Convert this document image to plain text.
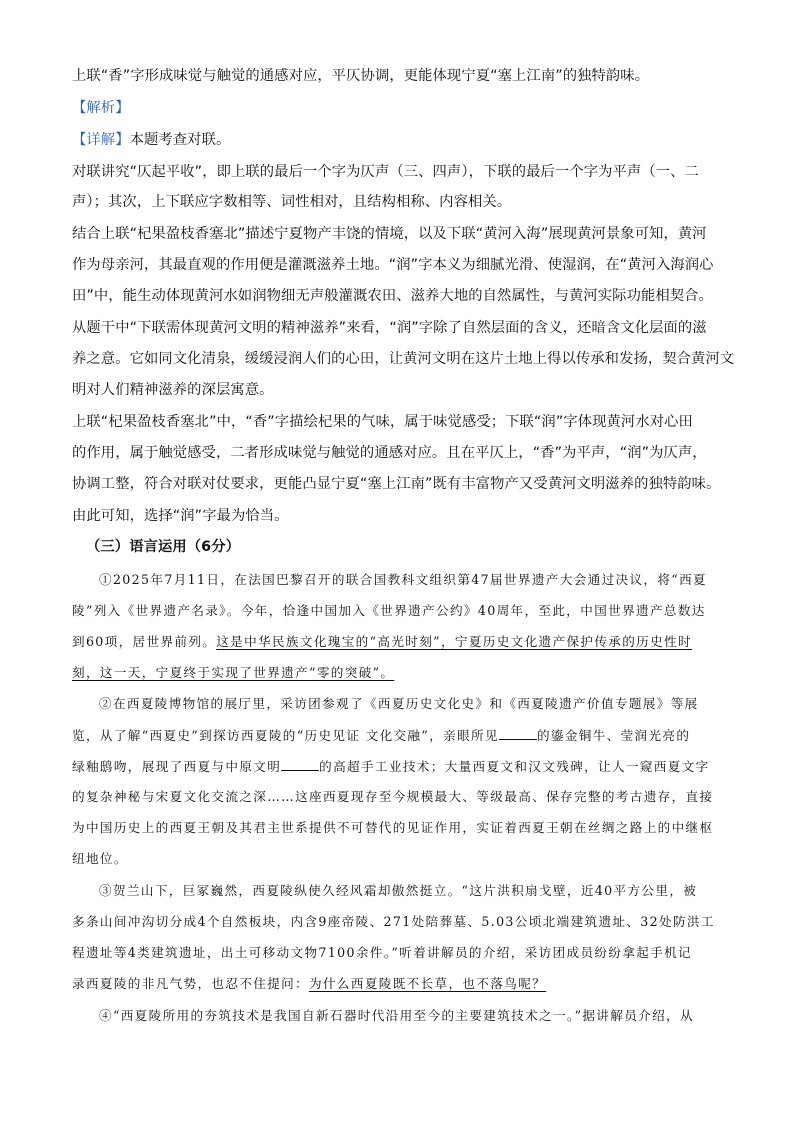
上联“香”字形成味觉与触觉的通感对应，平仄协调，更能体现宁夏“塞上江南”的独特韵味。
【解析】
【详解】本题考查对联。
对联讲究“仄起平收”，即上联的最后一个字为仄声（三、四声），下联的最后一个字为平声（一、二
声）；其次，上下联应字数相等、词性相对，且结构相称、内容相关。
结合上联“杞果盈枝香塞北”描述宁夏物产丰饶的情境，以及下联“黄河入海”展现黄河景象可知，黄河
作为母亲河，其最直观的作用便是灌溉滋养土地。“润”字本义为细腻光滑、使湿润，在“黄河入海润心
田”中，能生动体现黄河水如润物细无声般灌溉农田、滋养大地的自然属性，与黄河实际功能相契合。
从题干中“下联需体现黄河文明的精神滋养”来看，“润”字除了自然层面的含义，还暗含文化层面的滋
养之意。它如同文化清泉，缓缓浸润人们的心田，让黄河文明在这片土地上得以传承和发扬，契合黄河文
明对人们精神滋养的深层寓意。
上联“杞果盈枝香塞北”中，“香”字描绘杞果的气味，属于味觉感受；下联“润”字体现黄河水对心田
的作用，属于触觉感受，二者形成味觉与触觉的通感对应。且在平仄上，“香”为平声，“润”为仄声，
协调工整，符合对联对仗要求，更能凸显宁夏“塞上江南”既有丰富物产又受黄河文明滋养的独特韵味。
由此可知，选择“润”字最为恰当。
（三）语言运用（6分）
①2025年7月11日，在法国巴黎召开的联合国教科文组织第47届世界遗产大会通过决议，将“西夏
陵”列入《世界遗产名录》。今年，恰逢中国加入《世界遗产公约》40周年，至此，中国世界遗产总数达
到60项，居世界前列。这是中华民族文化瑰宝的“高光时刻”，宁夏历史文化遗产保护传承的历史性时
刻，这一天，宁夏终于实现了世界遗产“零的突破”。
②在西夏陵博物馆的展厅里，采访团参观了《西夏历史文化史》和《西夏陵遗产价值专题展》等展
览，从了解“西夏史”到探访西夏陵的“历史见证 文化交融”，亲眼所见	的鎏金铜牛、莹润光亮的
绿釉鸱吻，展现了西夏与中原文明	的高超手工业技术；大量西夏文和汉文残碑，让人一窥西夏文字
的复杂神秘与宋夏文化交流之深……这座西夏现存至今规模最大、等级最高、保存完整的考古遗存，直接
为中国历史上的西夏王朝及其君主世系提供不可替代的见证作用，实证着西夏王朝在丝绸之路上的中继枢
纽地位。
③贺兰山下，巨冢巍然，西夏陵纵使久经风霜却傲然挺立。“这片洪积扇戈壁，近40平方公里，被
多条山间冲沟切分成4个自然板块，内含9座帝陵、271处陪葬墓、5.03公顷北端建筑遗址、32处防洪工
程遗址等4类建筑遗址，出土可移动文物7100余件。”听着讲解员的介绍，采访团成员纷纷拿起手机记
录西夏陵的非凡气势，也忍不住提问：为什么西夏陵既不长草，也不落鸟呢？
④“西夏陵所用的夯筑技术是我国自新石器时代沿用至今的主要建筑技术之一。”据讲解员介绍，从
